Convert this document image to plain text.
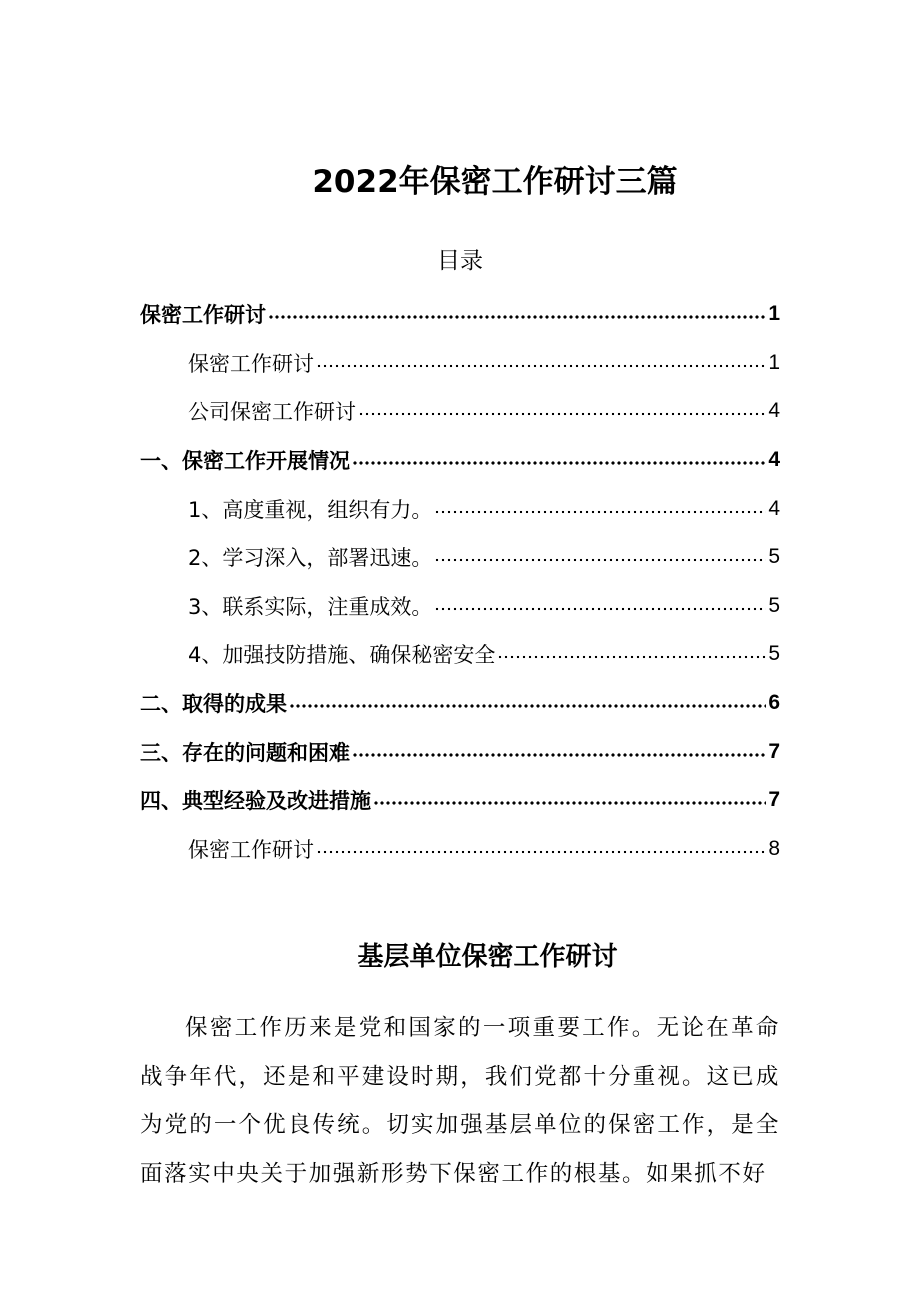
2022年保密工作研讨三篇
目录
保密工作研讨	1
保密工作研讨	1
公司保密工作研讨	4
一、保密工作开展情况	4
1、高度重视，组织有力。	4
2、学习深入，部署迅速。	5
3、联系实际，注重成效。	5
4、加强技防措施、确保秘密安全	5
二、取得的成果	6
三、存在的问题和困难	7
四、典型经验及改进措施	7
保密工作研讨	8
基层单位保密工作研讨
保密工作历来是党和国家的一项重要工作。无论在革命战争年代，还是和平建设时期，我们党都十分重视。这已成为党的一个优良传统。切实加强基层单位的保密工作，是全面落实中央关于加强新形势下保密工作的根基。如果抓不好
